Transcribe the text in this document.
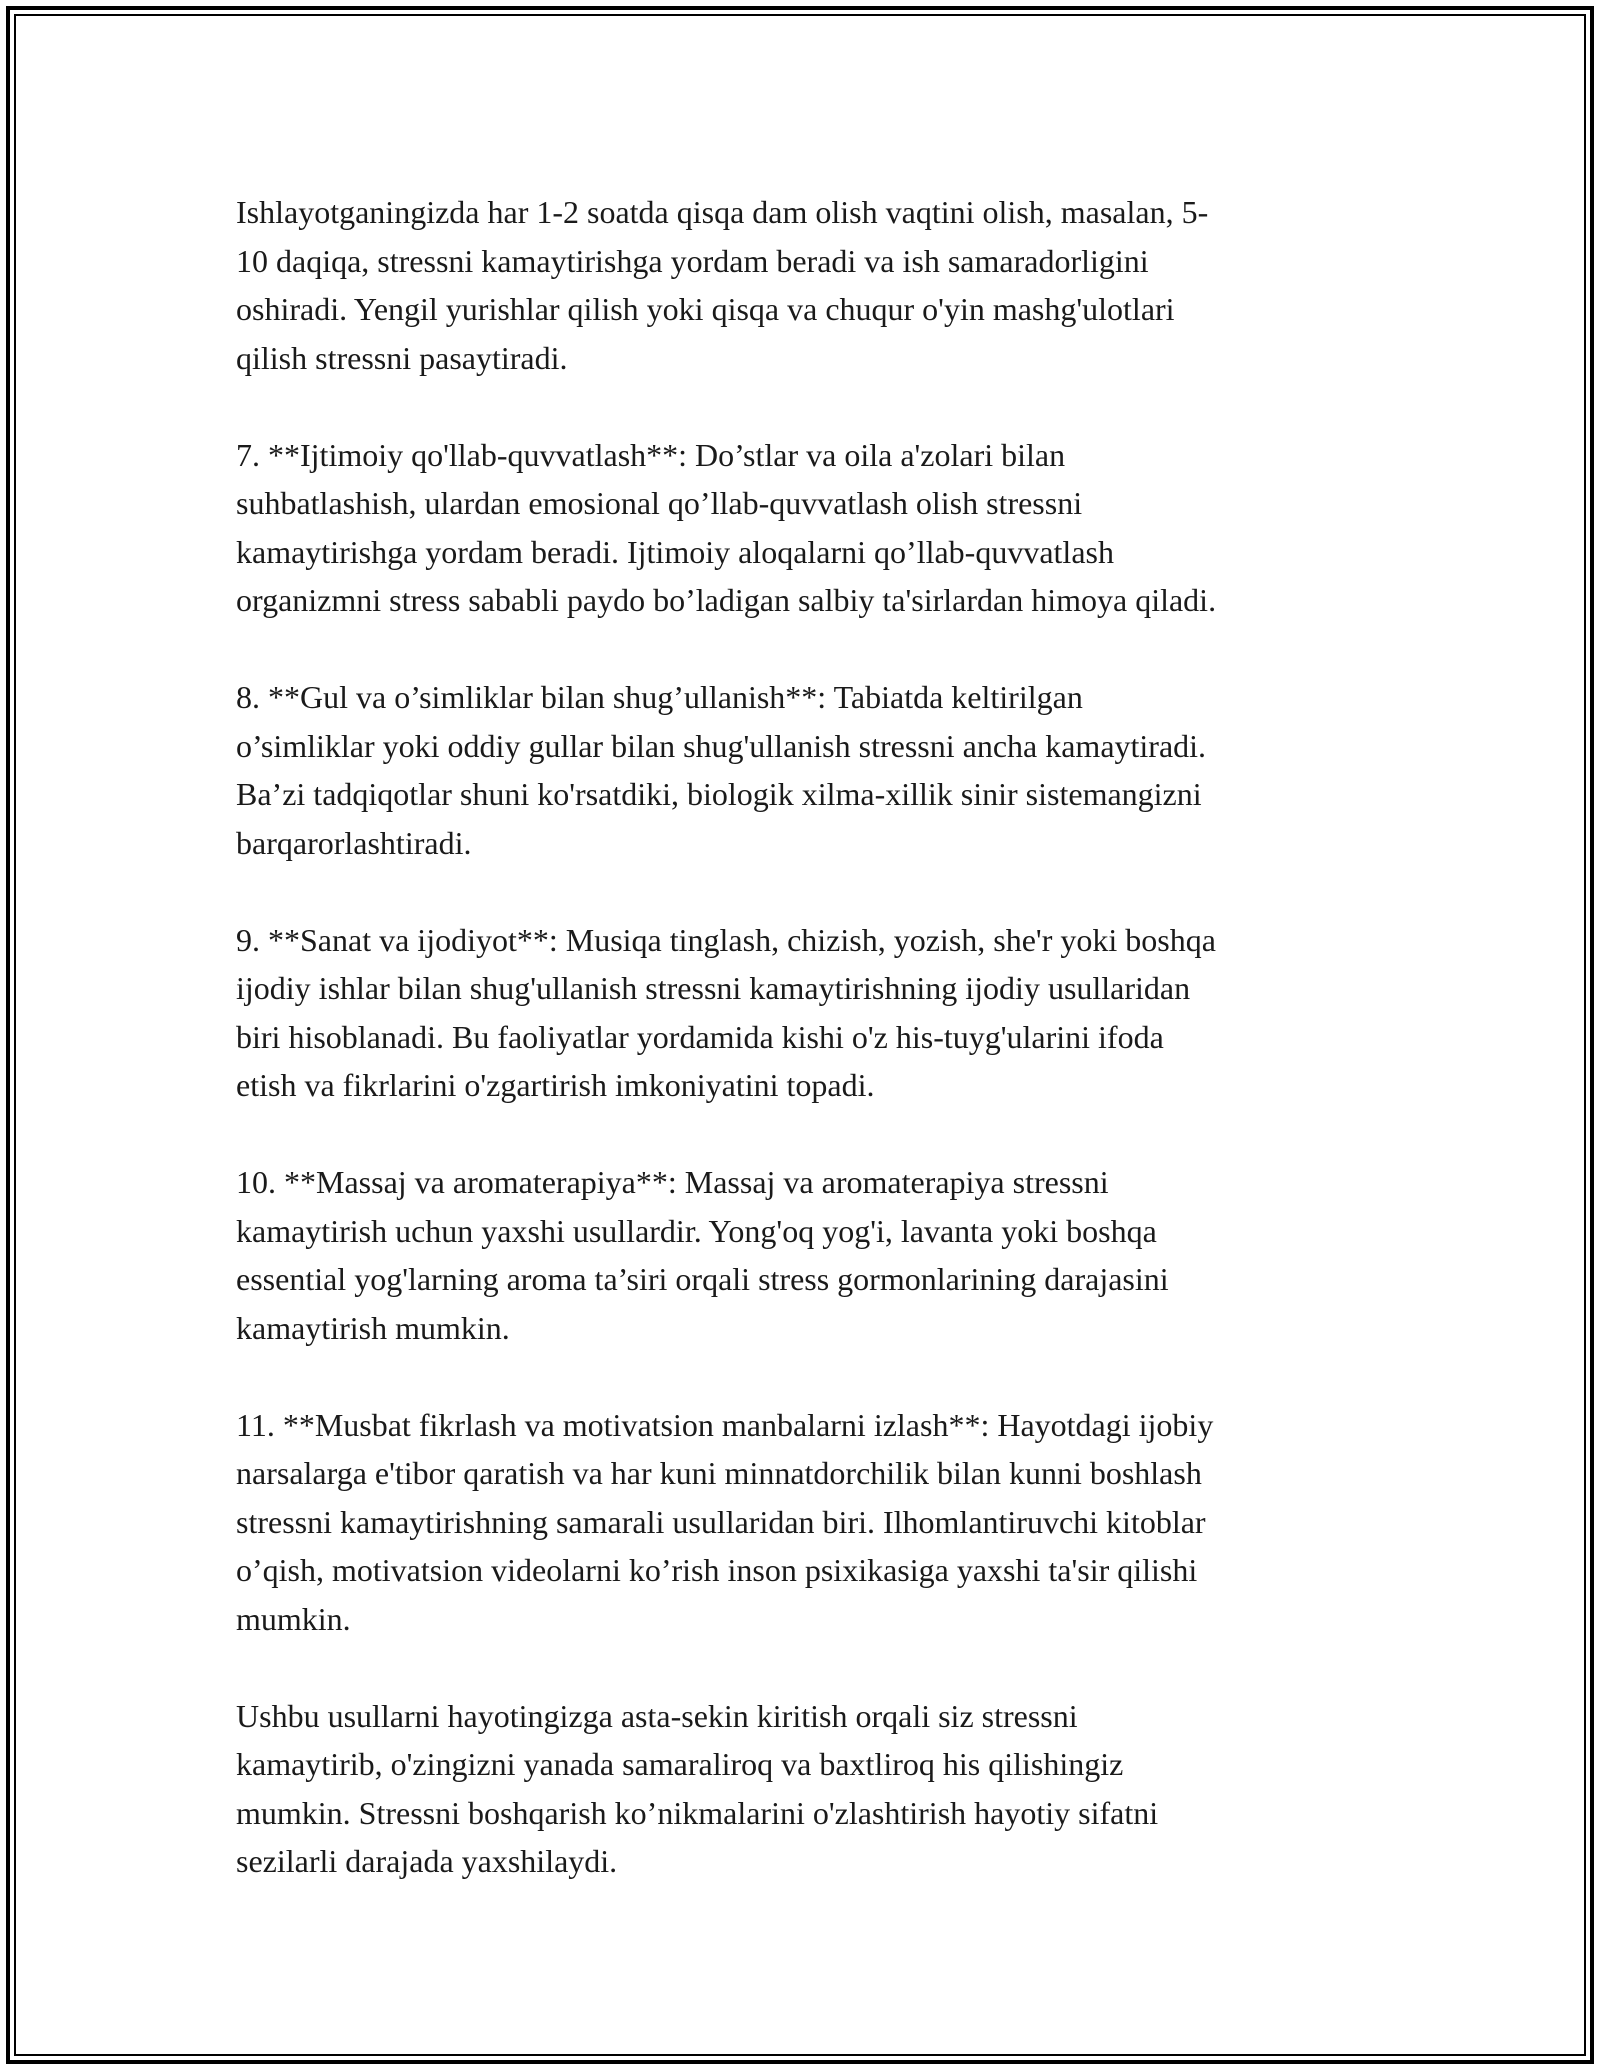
Ishlayotganingizda har 1-2 soatda qisqa dam olish vaqtini olish, masalan, 5-
10 daqiqa, stressni kamaytirishga yordam beradi va ish samaradorligini
oshiradi. Yengil yurishlar qilish yoki qisqa va chuqur o'yin mashg'ulotlari
qilish stressni pasaytiradi.

7. **Ijtimoiy qo'llab-quvvatlash**: Do’stlar va oila a'zolari bilan
suhbatlashish, ulardan emosional qo’llab-quvvatlash olish stressni
kamaytirishga yordam beradi. Ijtimoiy aloqalarni qo’llab-quvvatlash
organizmni stress sababli paydo bo’ladigan salbiy ta'sirlardan himoya qiladi.

8. **Gul va o’simliklar bilan shug’ullanish**: Tabiatda keltirilgan
o’simliklar yoki oddiy gullar bilan shug'ullanish stressni ancha kamaytiradi.
Ba’zi tadqiqotlar shuni ko'rsatdiki, biologik xilma-xillik sinir sistemangizni
barqarorlashtiradi.

9. **Sanat va ijodiyot**: Musiqa tinglash, chizish, yozish, she'r yoki boshqa
ijodiy ishlar bilan shug'ullanish stressni kamaytirishning ijodiy usullaridan
biri hisoblanadi. Bu faoliyatlar yordamida kishi o'z his-tuyg'ularini ifoda
etish va fikrlarini o'zgartirish imkoniyatini topadi.

10. **Massaj va aromaterapiya**: Massaj va aromaterapiya stressni
kamaytirish uchun yaxshi usullardir. Yong'oq yog'i, lavanta yoki boshqa
essential yog'larning aroma ta’siri orqali stress gormonlarining darajasini
kamaytirish mumkin.

11. **Musbat fikrlash va motivatsion manbalarni izlash**: Hayotdagi ijobiy
narsalarga e'tibor qaratish va har kuni minnatdorchilik bilan kunni boshlash
stressni kamaytirishning samarali usullaridan biri. Ilhomlantiruvchi kitoblar
o’qish, motivatsion videolarni ko’rish inson psixikasiga yaxshi ta'sir qilishi
mumkin.

Ushbu usullarni hayotingizga asta-sekin kiritish orqali siz stressni
kamaytirib, o'zingizni yanada samaraliroq va baxtliroq his qilishingiz
mumkin. Stressni boshqarish ko’nikmalarini o'zlashtirish hayotiy sifatni
sezilarli darajada yaxshilaydi.
